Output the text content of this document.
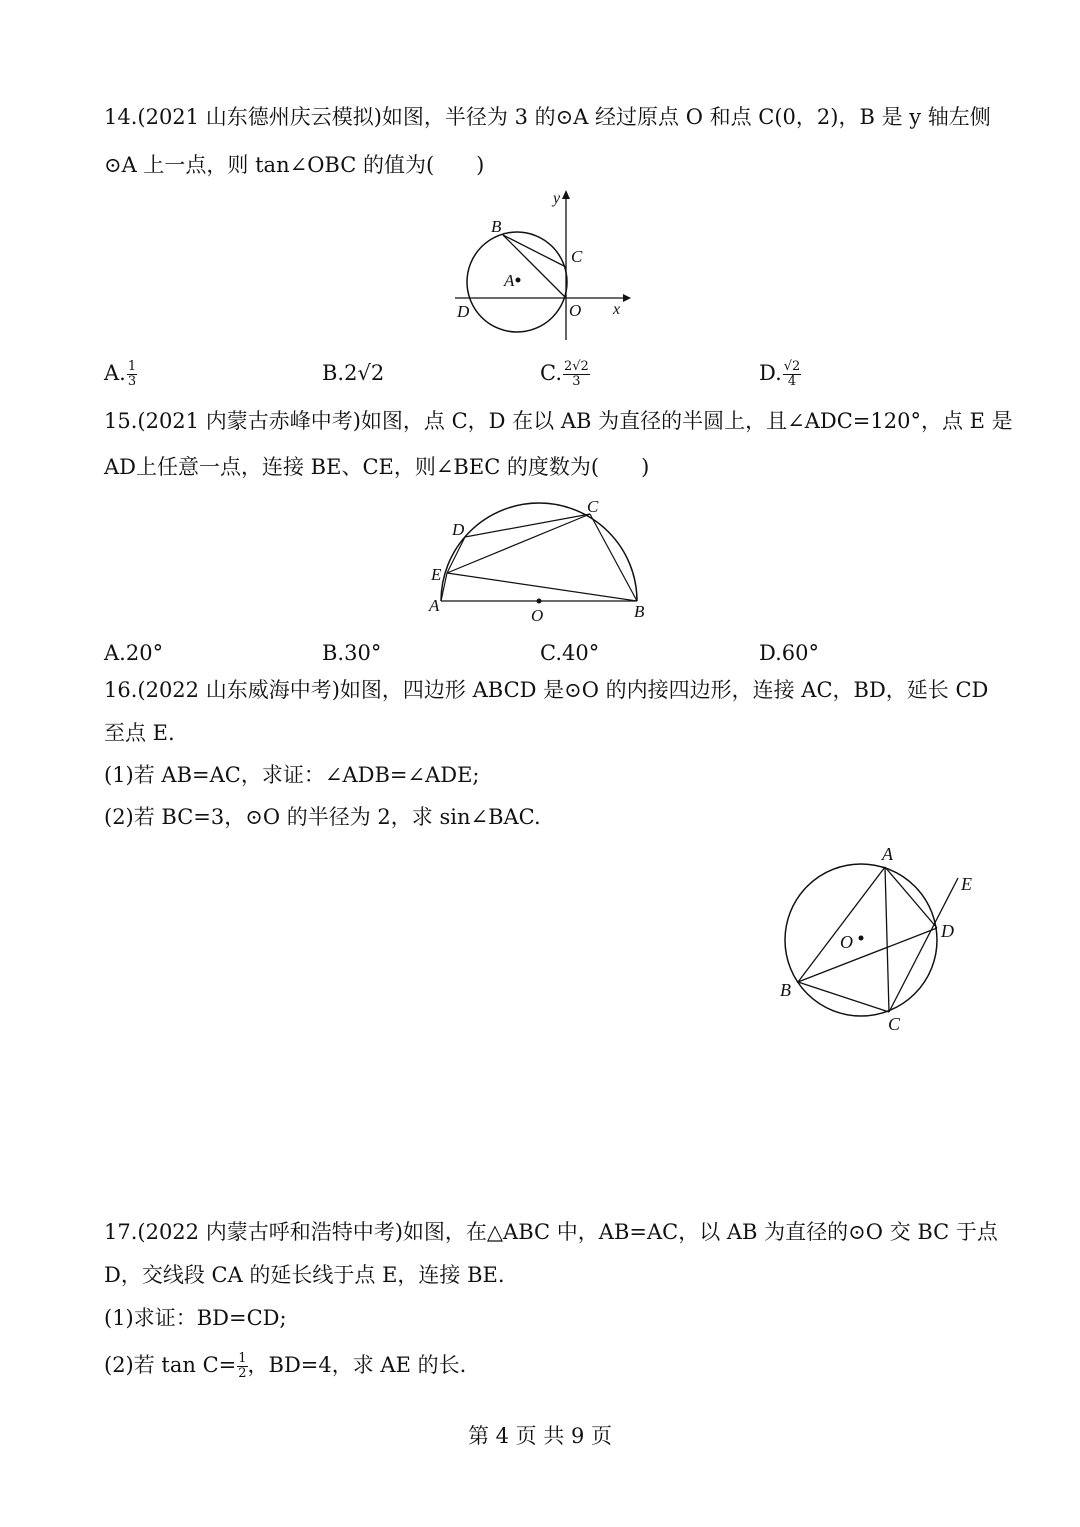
14.(2021 山东德州庆云模拟)如图，半径为 3 的⊙A 经过原点 O 和点 C(0，2)，B 是 y 轴左侧
⊙A 上一点，则 tan∠OBC 的值为(　　)
y
B
C
A
D	O x
A. $\frac{1}{3}$	B.2√2	C. $\frac{2√2}{3}$	D. $\frac{√2}{4}$
15.(2021 内蒙古赤峰中考)如图，点 C，D 在以 AB 为直径的半圆上，且∠ADC=120°，点 E 是
AD上任意一点，连接 BE、CE，则∠BEC 的度数为(　　)
D
C
E
A
O	B
A.20°	B.30°	C.40°	D.60°
16.(2022 山东威海中考)如图，四边形 ABCD 是⊙O 的内接四边形，连接 AC，BD，延长 CD
至点 E.
(1)若 AB=AC，求证：∠ADB=∠ADE;
(2)若 BC=3，⊙O 的半径为 2，求 sin∠BAC.
A
E
D
O
B
C
17.(2022 内蒙古呼和浩特中考)如图，在△ABC 中，AB=AC，以 AB 为直径的⊙O 交 BC 于点
D，交线段 CA 的延长线于点 E，连接 BE.
(1)求证：BD=CD;
(2)若 $\tan C= \frac{1}{2}$ ，BD=4，求 AE 的长.
第 4 页 共 9 页
